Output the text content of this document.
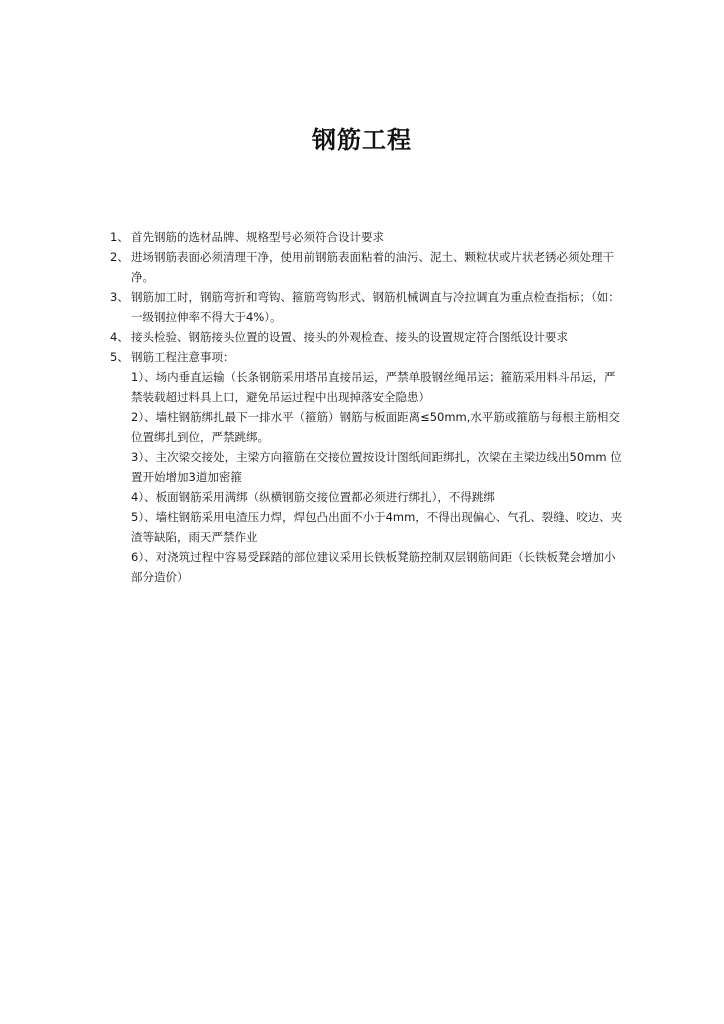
钢筋工程
1、 首先钢筋的选材品牌、规格型号必须符合设计要求
2、 进场钢筋表面必须清理干净，使用前钢筋表面粘着的油污、泥土、颗粒状或片状老锈必须处理干净。
3、 钢筋加工时，钢筋弯折和弯钩、箍筋弯钩形式、钢筋机械调直与冷拉调直为重点检查指标；（如：一级钢拉伸率不得大于4%）。
4、 接头检验、钢筋接头位置的设置、接头的外观检查、接头的设置规定符合图纸设计要求
5、 钢筋工程注意事项：
1）、场内垂直运输（长条钢筋采用塔吊直接吊运，严禁单股钢丝绳吊运；箍筋采用料斗吊运，严禁装载超过料具上口，避免吊运过程中出现掉落安全隐患）
2）、墙柱钢筋绑扎最下一排水平（箍筋）钢筋与板面距离≤50mm,水平筋或箍筋与每根主筋相交位置绑扎到位，严禁跳绑。
3）、主次梁交接处，主梁方向箍筋在交接位置按设计图纸间距绑扎，次梁在主梁边线出50mm 位置开始增加3道加密箍
4）、板面钢筋采用满绑（纵横钢筋交接位置都必须进行绑扎），不得跳绑
5）、墙柱钢筋采用电渣压力焊，焊包凸出面不小于4mm，不得出现偏心、气孔、裂缝、咬边、夹渣等缺陷，雨天严禁作业
6）、对浇筑过程中容易受踩踏的部位建议采用长铁板凳筋控制双层钢筋间距（长铁板凳会增加小部分造价）
